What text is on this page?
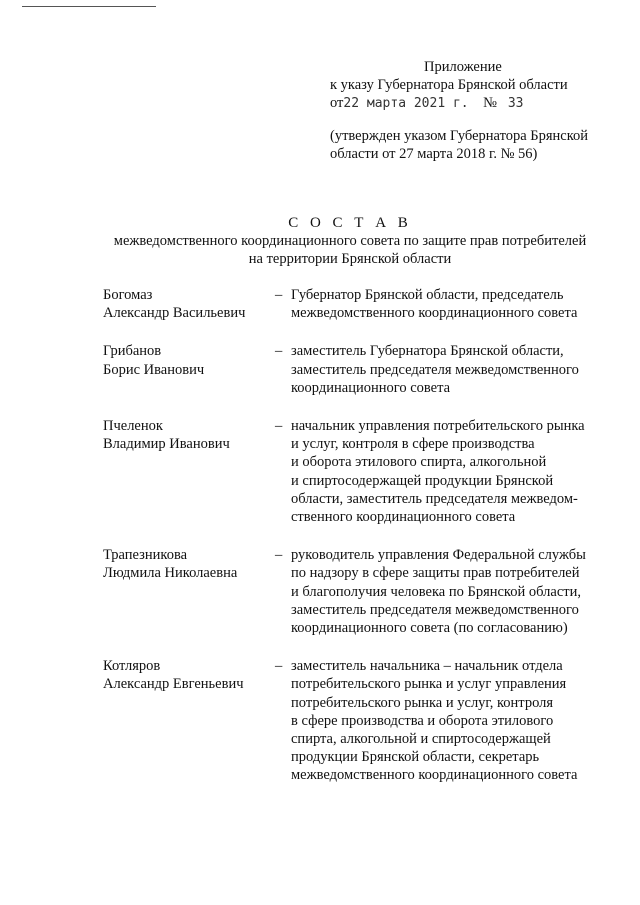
Приложение
к указу Губернатора Брянской области
от22 марта 2021 г. № 33
(утвержден указом Губернатора Брянской
области от 27 марта 2018 г. № 56)
С О С Т А В
межведомственного координационного совета по защите прав потребителей
на территории Брянской области
Богомаз
Александр Васильевич
– Губернатор Брянской области, председатель
межведомственного координационного совета
Грибанов
Борис Иванович
– заместитель Губернатора Брянской области,
заместитель председателя межведомственного
координационного совета
Пчеленок
Владимир Иванович
– начальник управления потребительского рынка
и услуг, контроля в сфере производства
и оборота этилового спирта, алкогольной
и спиртосодержащей продукции Брянской
области, заместитель председателя межведом-
ственного координационного совета
Трапезникова
Людмила Николаевна
– руководитель управления Федеральной службы
по надзору в сфере защиты прав потребителей
и благополучия человека по Брянской области,
заместитель председателя межведомственного
координационного совета (по согласованию)
Котляров
Александр Евгеньевич
– заместитель начальника – начальник отдела
потребительского рынка и услуг управления
потребительского рынка и услуг, контроля
в сфере производства и оборота этилового
спирта, алкогольной и спиртосодержащей
продукции Брянской области, секретарь
межведомственного координационного совета
